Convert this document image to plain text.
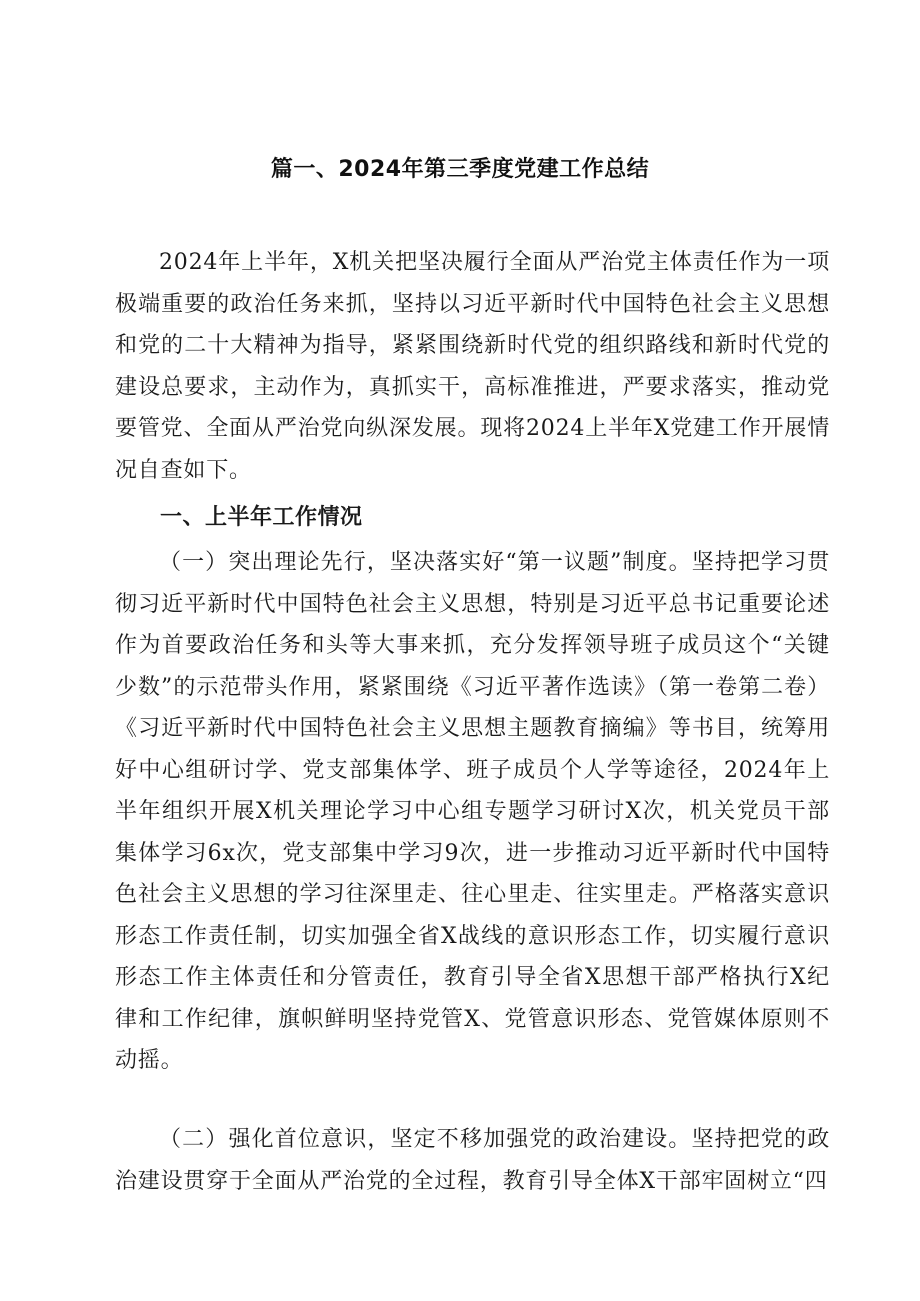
篇一、2024年第三季度党建工作总结

2024年上半年，X机关把坚决履行全面从严治党主体责任作为一项极端重要的政治任务来抓，坚持以习近平新时代中国特色社会主义思想和党的二十大精神为指导，紧紧围绕新时代党的组织路线和新时代党的建设总要求，主动作为，真抓实干，高标准推进，严要求落实，推动党要管党、全面从严治党向纵深发展。现将2024上半年X党建工作开展情况自查如下。

一、上半年工作情况

（一）突出理论先行，坚决落实好“第一议题”制度。坚持把学习贯彻习近平新时代中国特色社会主义思想，特别是习近平总书记重要论述作为首要政治任务和头等大事来抓，充分发挥领导班子成员这个“关键少数”的示范带头作用，紧紧围绕《习近平著作选读》（第一卷第二卷）《习近平新时代中国特色社会主义思想主题教育摘编》等书目，统筹用好中心组研讨学、党支部集体学、班子成员个人学等途径，2024年上半年组织开展X机关理论学习中心组专题学习研讨X次，机关党员干部集体学习6x次，党支部集中学习9次，进一步推动习近平新时代中国特色社会主义思想的学习往深里走、往心里走、往实里走。严格落实意识形态工作责任制，切实加强全省X战线的意识形态工作，切实履行意识形态工作主体责任和分管责任，教育引导全省X思想干部严格执行X纪律和工作纪律，旗帜鲜明坚持党管X、党管意识形态、党管媒体原则不动摇。

（二）强化首位意识，坚定不移加强党的政治建设。坚持把党的政治建设贯穿于全面从严治党的全过程，教育引导全体X干部牢固树立“四
